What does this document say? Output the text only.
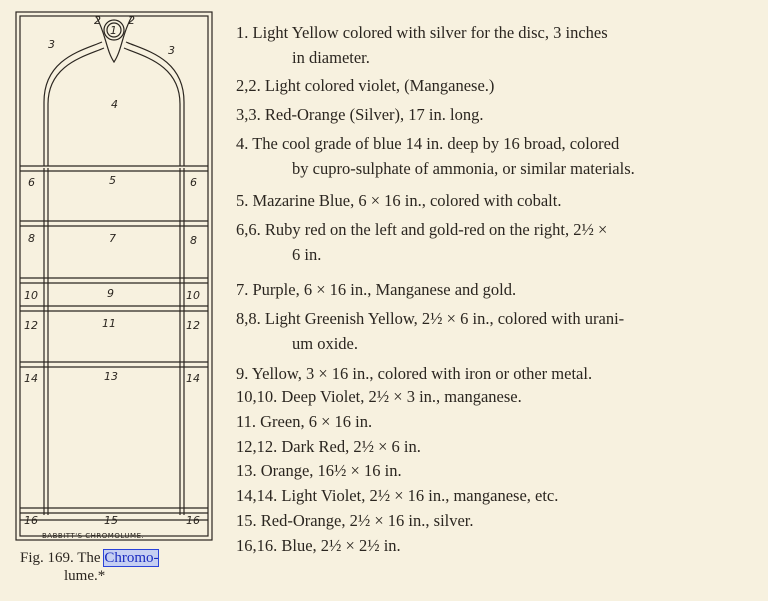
1
2 2
3	3
4
5
6	6
7
8	8
9
10	10
11
12	12
13
14	14
15
16	16
BABBITT'S CHROMOLUME.
Fig. 169. The Chromo-
lume.*
1. Light Yellow colored with silver for the disc, 3 inches
in diameter.
2,2. Light colored violet, (Manganese.)
3,3. Red-Orange (Silver), 17 in. long.
4. The cool grade of blue 14 in. deep by 16 broad, colored
by cupro-sulphate of ammonia, or similar materials.
5. Mazarine Blue, 6 × 16 in., colored with cobalt.
6,6. Ruby red on the left and gold-red on the right, 2½ ×
6 in.
7. Purple, 6 × 16 in., Manganese and gold.
8,8. Light Greenish Yellow, 2½ × 6 in., colored with urani-
um oxide.
9. Yellow, 3 × 16 in., colored with iron or other metal.
10,10. Deep Violet, 2½ × 3 in., manganese.
11. Green, 6 × 16 in.
12,12. Dark Red, 2½ × 6 in.
13. Orange, 16½ × 16 in.
14,14. Light Violet, 2½ × 16 in., manganese, etc.
15. Red-Orange, 2½ × 16 in., silver.
16,16. Blue, 2½ × 2½ in.
